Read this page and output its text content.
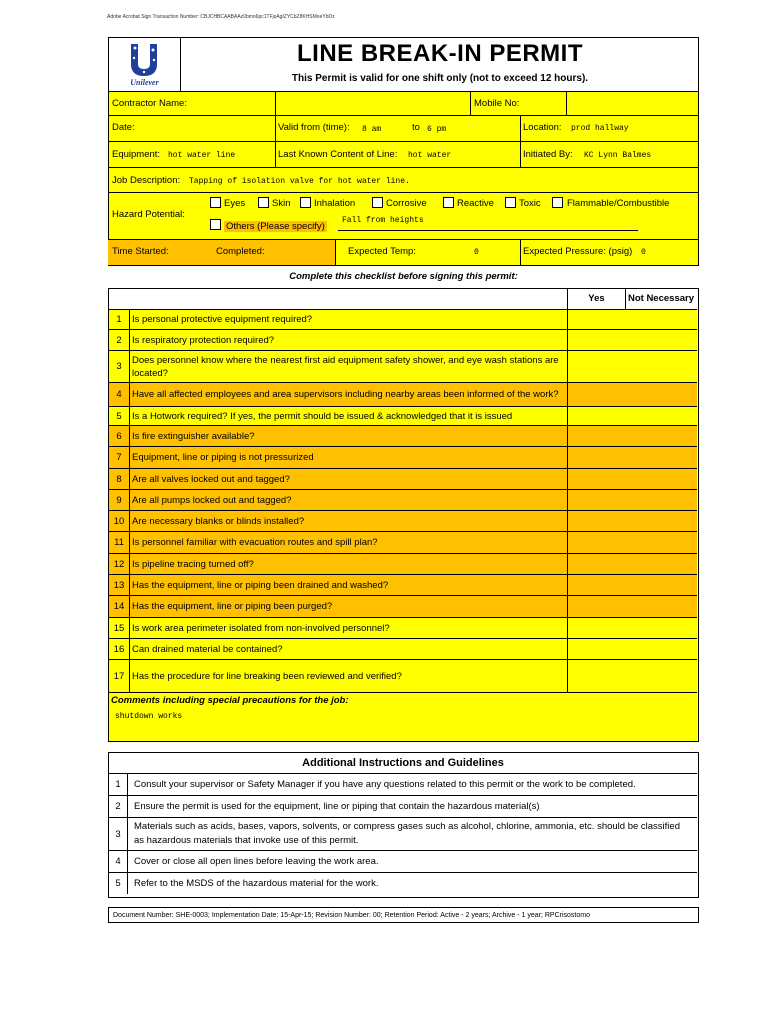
Adobe Acrobat Sign Transaction Number: CBJCHBCAABAAz0bmo6pc1TFjsAgIZYCbZ8KHSMoeYbDz
Unilever
LINE BREAK-IN PERMIT
This Permit is valid for one shift only (not to exceed 12 hours).
Contractor Name:	Mobile No:
Date:	Valid from (time): 8 am	to 6 pm	Location: prod hallway
Equipment: hot water line	Last Known Content of Line: hot water	Initiated By: KC Lynn Balmes
Job Description: Tapping of isolation valve for hot water line.
Hazard Potential:
Eyes	Skin Inhalation	Corrosive	Reactive	Toxic	Flammable/Combustible
Others (Please specify)
Fall from heights
Time Started:	Completed:	Expected Temp:	0	Expected Pressure: (psig) 0
Complete this checklist before signing this permit:
Yes	Not Necessary
1	Is personal protective equipment required?
2	Is respiratory protection required?
3
Does personnel know where the nearest first aid equipment safety shower, and eye wash stations are located?
4	Have all affected employees and area supervisors including nearby areas been informed of the work?
5	Is a Hotwork required? If yes, the permit should be issued & acknowledged that it is issued
6	Is fire extinguisher available?
7	Equipment, line or piping is not pressurized
8	Are all valves locked out and tagged?
9	Are all pumps locked out and tagged?
10 Are necessary blanks or blinds installed?
11 Is personnel familiar with evacuation routes and spill plan?
12 Is pipeline tracing turned off?
13 Has the equipment, line or piping been drained and washed?
14 Has the equipment, line or piping been purged?
15 Is work area perimeter isolated from non-involved personnel?
16 Can drained material be contained?
17 Has the procedure for line breaking been reviewed and verified?
Comments including special precautions for the job:
shutdown works
Additional Instructions and Guidelines
1	Consult your supervisor or Safety Manager if you have any questions related to this permit or the work to be completed.
2	Ensure the permit is used for the equipment, line or piping that contain the hazardous material(s)
3
Materials such as acids, bases, vapors, solvents, or compress gases such as alcohol, chlorine, ammonia, etc. should be classified as hazardous materials that invoke use of this permit.
4	Cover or close all open lines before leaving the work area.
5	Refer to the MSDS of the hazardous material for the work.
Document Number: SHE-0003; Implementation Date: 15-Apr-15; Revision Number: 00; Retention Period: Active - 2 years; Archive - 1 year; RPCrisostomo
